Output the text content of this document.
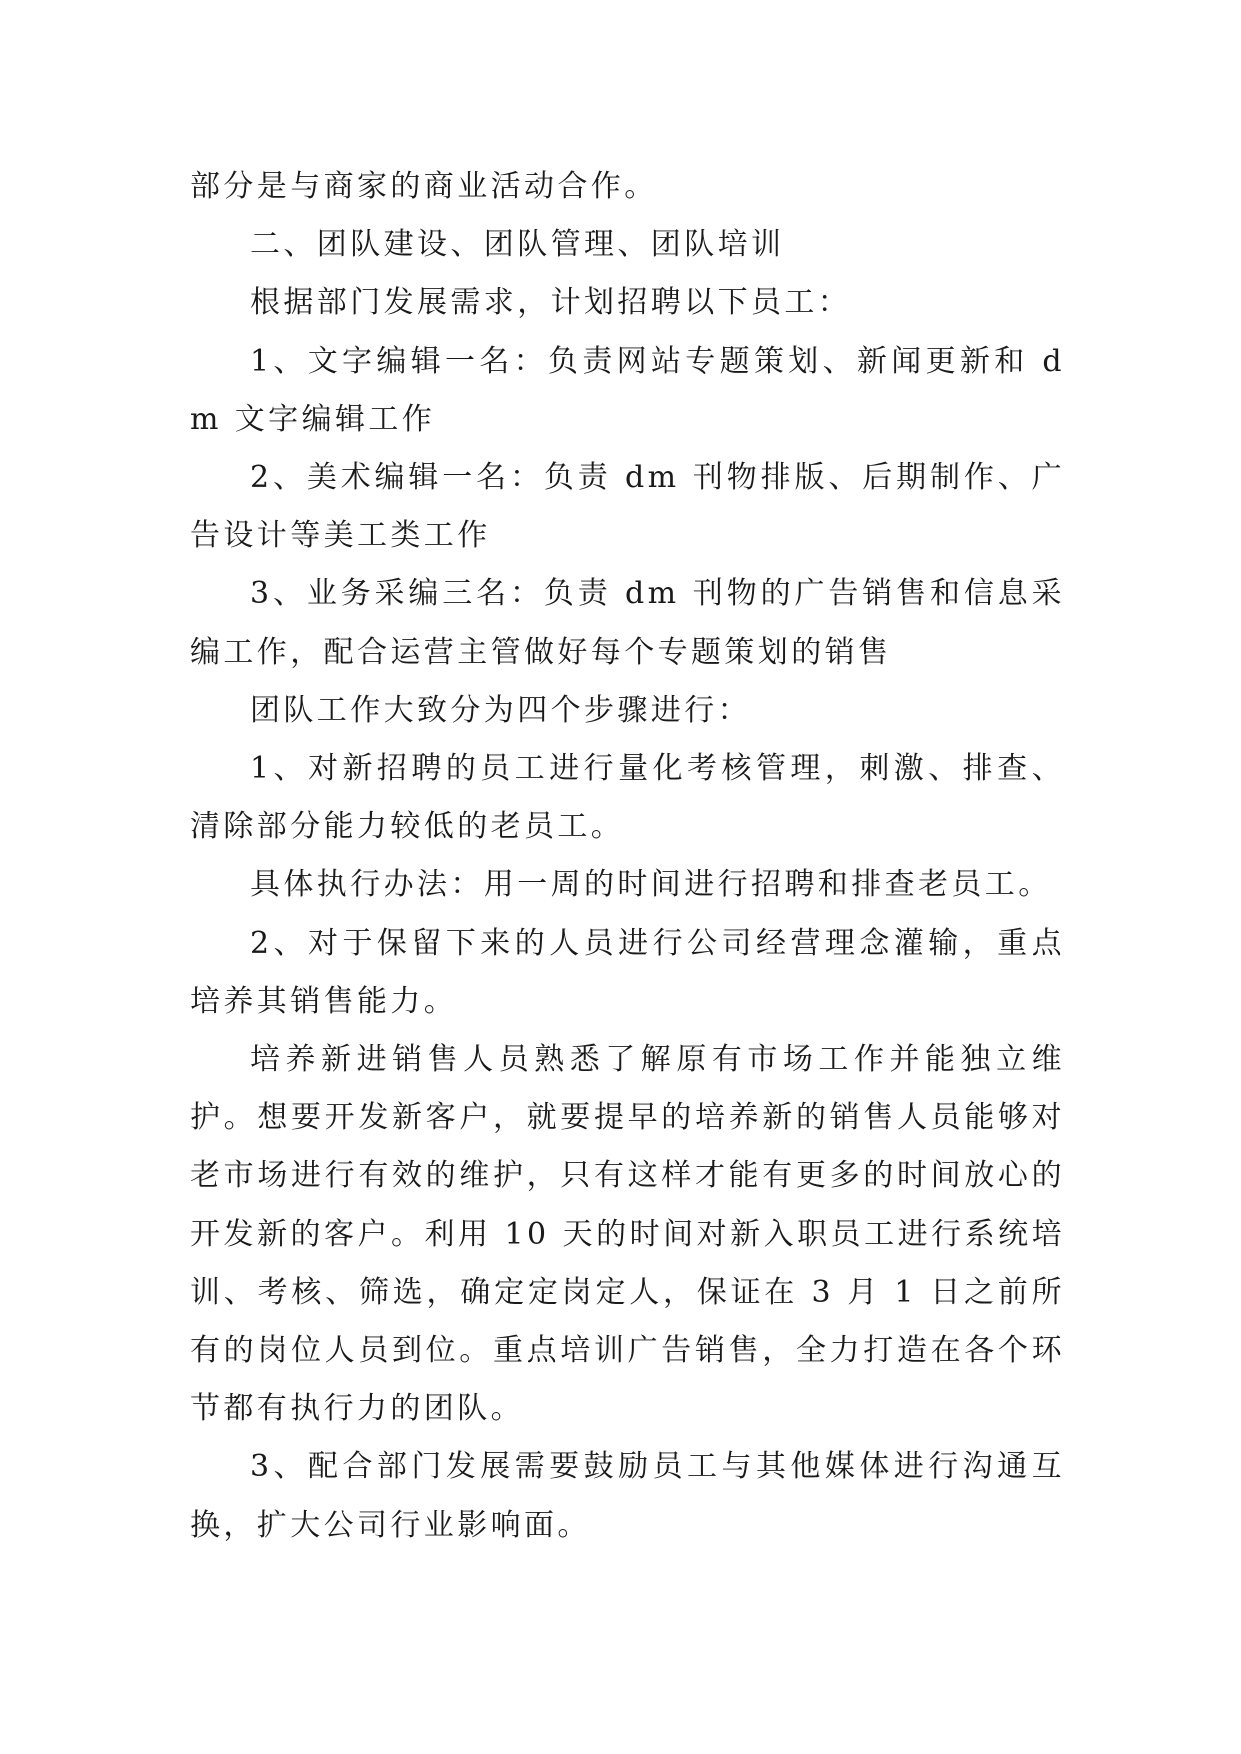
部分是与商家的商业活动合作。

二、团队建设、团队管理、团队培训

根据部门发展需求，计划招聘以下员工：

1、文字编辑一名：负责网站专题策划、新闻更新和 dm 文字编辑工作

2、美术编辑一名：负责 dm 刊物排版、后期制作、广告设计等美工类工作

3、业务采编三名：负责 dm 刊物的广告销售和信息采编工作，配合运营主管做好每个专题策划的销售

团队工作大致分为四个步骤进行：

1、对新招聘的员工进行量化考核管理，刺激、排查、清除部分能力较低的老员工。

具体执行办法：用一周的时间进行招聘和排查老员工。

2、对于保留下来的人员进行公司经营理念灌输，重点培养其销售能力。

培养新进销售人员熟悉了解原有市场工作并能独立维护。想要开发新客户，就要提早的培养新的销售人员能够对老市场进行有效的维护，只有这样才能有更多的时间放心的开发新的客户。利用 10 天的时间对新入职员工进行系统培训、考核、筛选，确定定岗定人，保证在 3 月 1 日之前所有的岗位人员到位。重点培训广告销售，全力打造在各个环节都有执行力的团队。

3、配合部门发展需要鼓励员工与其他媒体进行沟通互换，扩大公司行业影响面。
